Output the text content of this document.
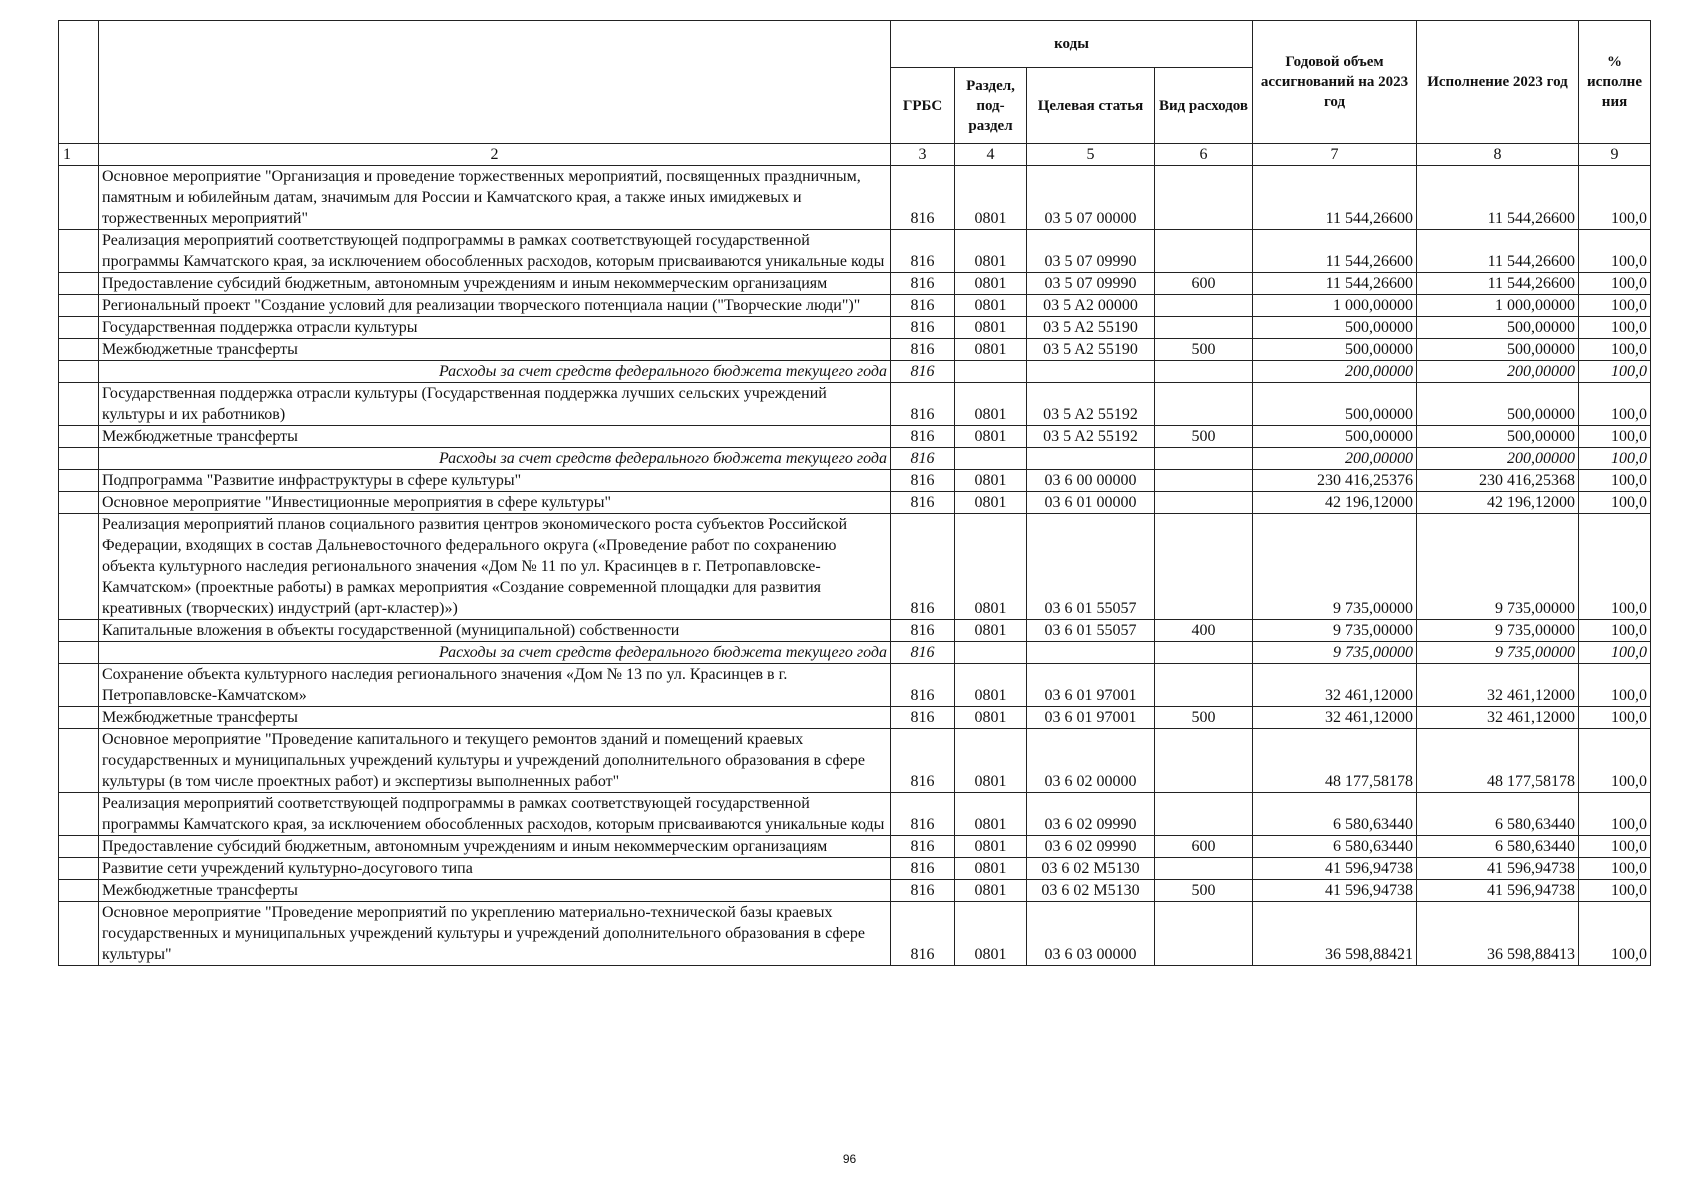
		коды				Годовой объем ассигнований на 2023 год	Исполнение 2023 год	% исполне ния
		ГРБС	Раздел, под-раздел	Целевая статья	Вид расходов			
1	2	3	4	5	6	7	8	9
	Основное мероприятие "Организация и проведение торжественных мероприятий, посвященных праздничным, памятным и юбилейным датам, значимым для России и Камчатского края, а также иных имиджевых и торжественных мероприятий"	816	0801	03 5 07 00000		11 544,26600	11 544,26600	100,0
	Реализация мероприятий соответствующей подпрограммы в рамках соответствующей государственной программы Камчатского края, за исключением обособленных расходов, которым присваиваются уникальные коды	816	0801	03 5 07 09990		11 544,26600	11 544,26600	100,0
	Предоставление субсидий бюджетным, автономным учреждениям и иным некоммерческим организациям	816	0801	03 5 07 09990	600	11 544,26600	11 544,26600	100,0
	Региональный проект "Создание условий для реализации творческого потенциала нации ("Творческие люди")"	816	0801	03 5 A2 00000		1 000,00000	1 000,00000	100,0
	Государственная поддержка отрасли культуры	816	0801	03 5 A2 55190		500,00000	500,00000	100,0
	Межбюджетные трансферты	816	0801	03 5 A2 55190	500	500,00000	500,00000	100,0
	Расходы за счет средств федерального бюджета текущего года	816				200,00000	200,00000	100,0
	Государственная поддержка отрасли культуры (Государственная поддержка лучших сельских учреждений культуры и их работников)	816	0801	03 5 A2 55192		500,00000	500,00000	100,0
	Межбюджетные трансферты	816	0801	03 5 A2 55192	500	500,00000	500,00000	100,0
	Расходы за счет средств федерального бюджета текущего года	816				200,00000	200,00000	100,0
	Подпрограмма "Развитие инфраструктуры в сфере культуры"	816	0801	03 6 00 00000		230 416,25376	230 416,25368	100,0
	Основное мероприятие "Инвестиционные мероприятия в сфере культуры"	816	0801	03 6 01 00000		42 196,12000	42 196,12000	100,0
	Реализация мероприятий планов социального развития центров экономического роста субъектов Российской Федерации, входящих в состав Дальневосточного федерального округа («Проведение работ по сохранению объекта культурного наследия регионального значения «Дом № 11 по ул. Красинцев в г. Петропавловске-Камчатском» (проектные работы) в рамках мероприятия «Создание современной площадки для развития креативных (творческих) индустрий (арт-кластер)»)	816	0801	03 6 01 55057		9 735,00000	9 735,00000	100,0
	Капитальные вложения в объекты государственной (муниципальной) собственности	816	0801	03 6 01 55057	400	9 735,00000	9 735,00000	100,0
	Расходы за счет средств федерального бюджета текущего года	816				9 735,00000	9 735,00000	100,0
	Сохранение объекта культурного наследия регионального значения «Дом № 13 по ул. Красинцев в г. Петропавловске-Камчатском»	816	0801	03 6 01 97001		32 461,12000	32 461,12000	100,0
	Межбюджетные трансферты	816	0801	03 6 01 97001	500	32 461,12000	32 461,12000	100,0
	Основное мероприятие "Проведение капитального и текущего ремонтов зданий и помещений краевых государственных и муниципальных учреждений культуры и учреждений дополнительного образования в сфере культуры (в том числе проектных работ) и экспертизы выполненных работ"	816	0801	03 6 02 00000		48 177,58178	48 177,58178	100,0
	Реализация мероприятий соответствующей подпрограммы в рамках соответствующей государственной программы Камчатского края, за исключением обособленных расходов, которым присваиваются уникальные коды	816	0801	03 6 02 09990		6 580,63440	6 580,63440	100,0
	Предоставление субсидий бюджетным, автономным учреждениям и иным некоммерческим организациям	816	0801	03 6 02 09990	600	6 580,63440	6 580,63440	100,0
	Развитие сети учреждений культурно-досугового типа	816	0801	03 6 02 M5130		41 596,94738	41 596,94738	100,0
	Межбюджетные трансферты	816	0801	03 6 02 M5130	500	41 596,94738	41 596,94738	100,0
	Основное мероприятие "Проведение мероприятий по укреплению материально-технической базы краевых государственных и муниципальных учреждений культуры и учреждений дополнительного образования в сфере культуры"	816	0801	03 6 03 00000		36 598,88421	36 598,88413	100,0
96
